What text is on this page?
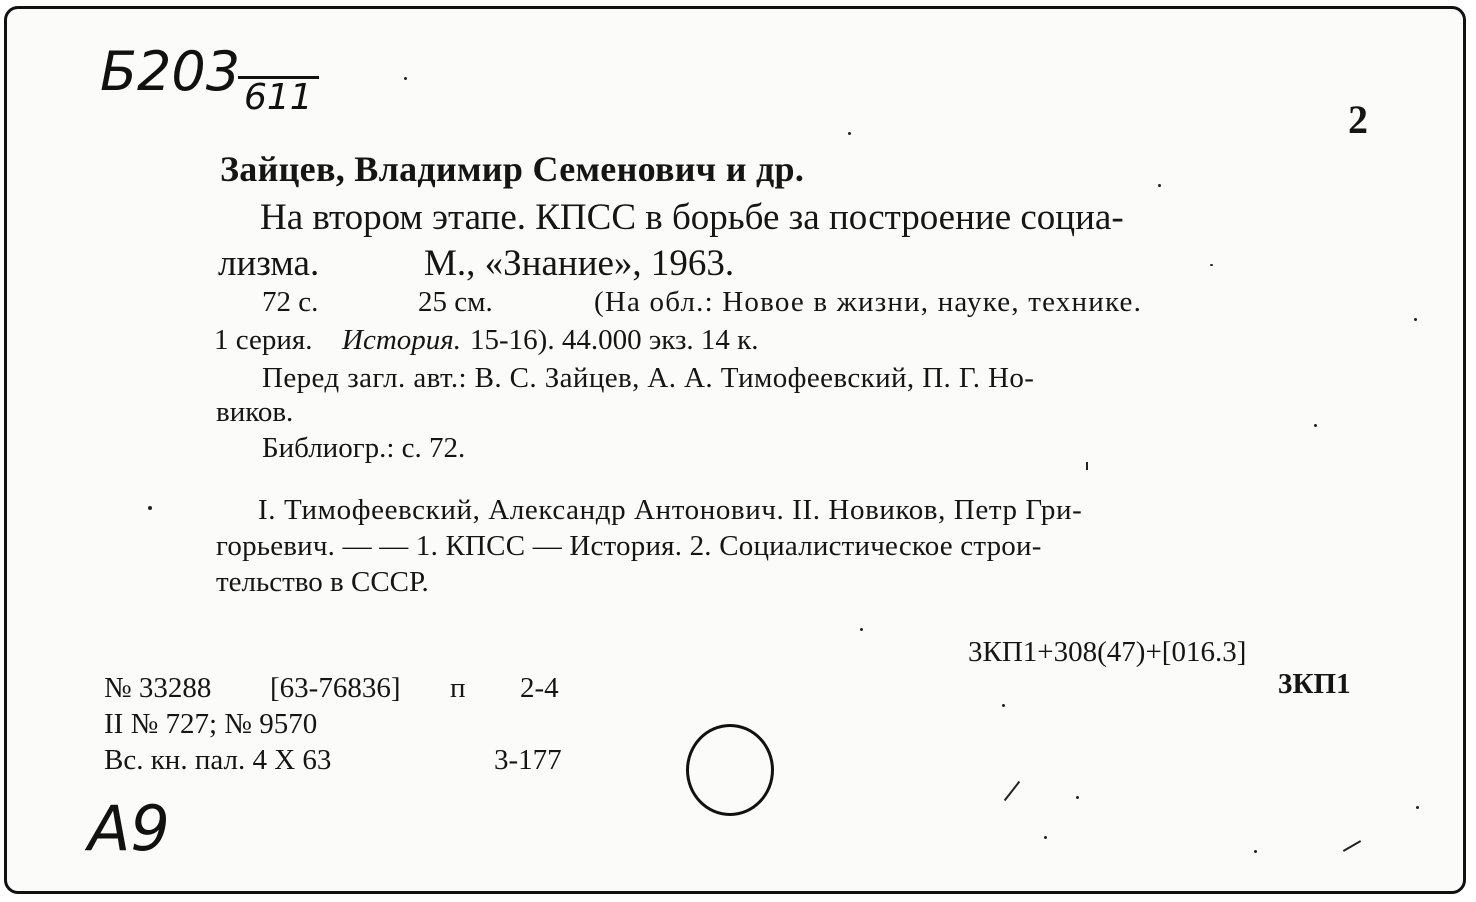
Б203 611	2
Зайцев, Владимир Семенович и др.
На втором этапе. КПСС в борьбе за построение социа-
лизма.	М., «Знание», 1963.
72 с.	25 см.	(На обл.: Новое в жизни, науке, технике.
1 серия. История. 15-16). 44.000 экз. 14 к.
Перед загл. авт.: В. С. Зайцев, А. А. Тимофеевский, П. Г. Но-
виков.
Библиогр.: с. 72.
I. Тимофеевский, Александр Антонович. II. Новиков, Петр Гри-
горьевич. — — 1. КПСС — История. 2. Социалистическое строи-
тельство в СССР.
3КП1+308(47)+[016.3]
3КП1
№ 33288 [63-76836] п 2-4
II № 727; № 9570
Вс. кн. пал. 4 X 63	3-177
А9
